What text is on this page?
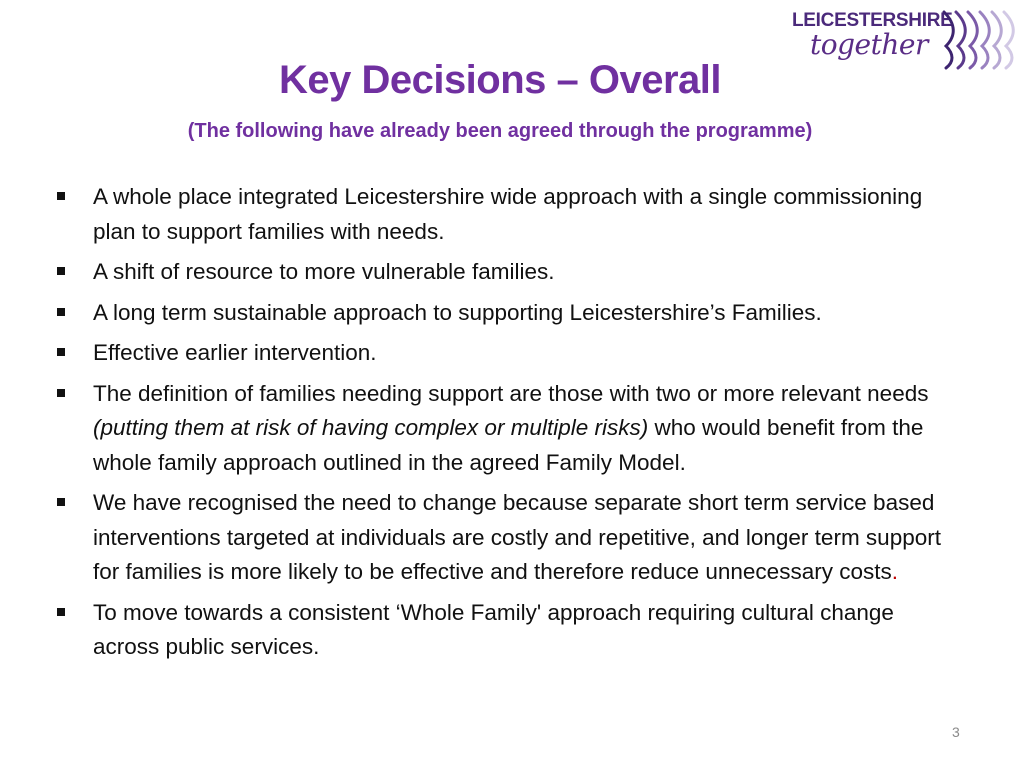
LEICESTERSHIRE
together
Key Decisions – Overall
(The following have already been agreed through the programme)
A whole place integrated Leicestershire wide approach with a single commissioning plan to support families with needs.
A shift of resource to more vulnerable families.
A long term sustainable approach to supporting Leicestershire’s Families.
Effective earlier intervention.
The definition of families needing support are those with two or more relevant needs (putting them at risk of having complex or multiple risks) who would benefit from the whole family approach outlined in the agreed Family Model.
We have recognised the need to change because separate short term service based interventions targeted at individuals are costly and repetitive, and longer term support for families is more likely to be effective and therefore reduce unnecessary costs.
To move towards a consistent ‘Whole Family' approach requiring cultural change across public services.
3
